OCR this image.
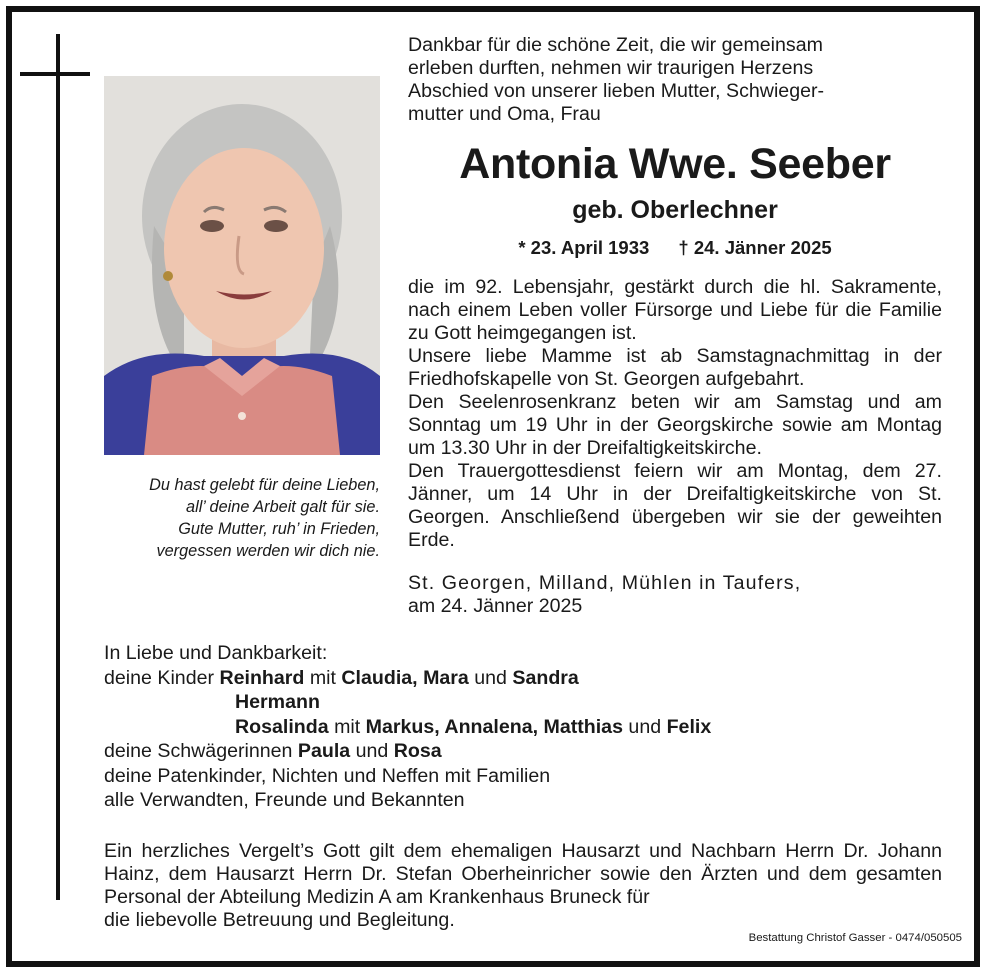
Du hast gelebt für deine Lieben,
all’ deine Arbeit galt für sie.
Gute Mutter, ruh’ in Frieden,
vergessen werden wir dich nie.
Dankbar für die schöne Zeit, die wir gemeinsam
erleben durften, nehmen wir traurigen Herzens
Abschied von unserer lieben Mutter, Schwieger-
mutter und Oma, Frau
Antonia Wwe. Seeber
geb. Oberlechner
* 23. April 1933 † 24. Jänner 2025

die im 92. Lebensjahr, gestärkt durch die hl. Sakramente, nach einem Leben voller Fürsorge und Liebe für die Familie zu Gott heimgegangen ist.

Unsere liebe Mamme ist ab Samstagnachmittag in der Friedhofskapelle von St. Georgen aufgebahrt.

Den Seelenrosenkranz beten wir am Samstag und am Sonntag um 19 Uhr in der Georgskirche sowie am Montag um 13.30 Uhr in der Dreifaltigkeitskirche.

Den Trauergottesdienst feiern wir am Montag, dem 27. Jänner, um 14 Uhr in der Dreifaltigkeitskirche von St. Georgen. Anschließend übergeben wir sie der geweihten Erde.

St. Georgen, Milland, Mühlen in Taufers,
am 24. Jänner 2025
In Liebe und Dankbarkeit:
deine Kinder Reinhard mit Claudia, Mara und Sandra
Hermann
Rosalinda mit Markus, Annalena, Matthias und Felix
deine Schwägerinnen Paula und Rosa
deine Patenkinder, Nichten und Neffen mit Familien
alle Verwandten, Freunde und Bekannten
Ein herzliches Vergelt’s Gott gilt dem ehemaligen Hausarzt und Nachbarn Herrn Dr. Johann Hainz, dem Hausarzt Herrn Dr. Stefan Oberheinricher sowie den Ärzten und dem gesamten Personal der Abteilung Medizin A am Krankenhaus Bruneck für
die liebevolle Betreuung und Begleitung.
Bestattung Christof Gasser - 0474/050505
